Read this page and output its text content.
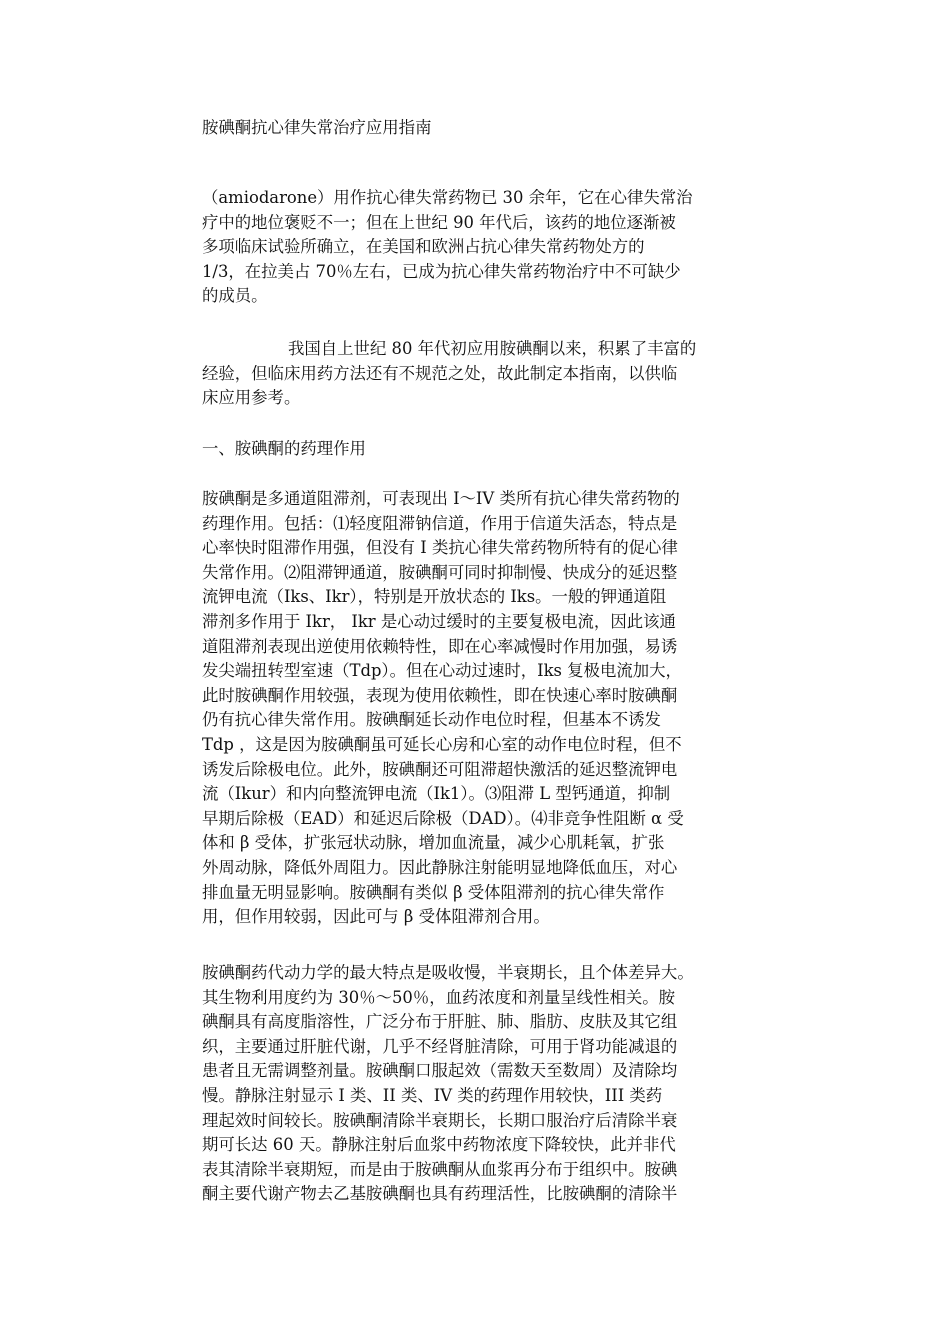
胺碘酮抗心律失常治疗应用指南
（amiodarone）用作抗心律失常药物已 30 余年，它在心律失常治
疗中的地位褒贬不一；但在上世纪 90 年代后，该药的地位逐渐被
多项临床试验所确立，在美国和欧洲占抗心律失常药物处方的
1/3，在拉美占 70％左右，已成为抗心律失常药物治疗中不可缺少
的成员。
我国自上世纪 80 年代初应用胺碘酮以来，积累了丰富的
经验，但临床用药方法还有不规范之处，故此制定本指南，以供临
床应用参考。
一、胺碘酮的药理作用
胺碘酮是多通道阻滞剂，可表现出 I～IV 类所有抗心律失常药物的
药理作用。包括：⑴轻度阻滞钠信道，作用于信道失活态，特点是
心率快时阻滞作用强，但没有 I 类抗心律失常药物所特有的促心律
失常作用。⑵阻滞钾通道，胺碘酮可同时抑制慢、快成分的延迟整
流钾电流（Iks、Ikr），特别是开放状态的 Iks。一般的钾通道阻
滞剂多作用于 Ikr， Ikr 是心动过缓时的主要复极电流，因此该通
道阻滞剂表现出逆使用依赖特性，即在心率减慢时作用加强，易诱
发尖端扭转型室速（Tdp）。但在心动过速时，Iks 复极电流加大，
此时胺碘酮作用较强，表现为使用依赖性，即在快速心率时胺碘酮
仍有抗心律失常作用。胺碘酮延长动作电位时程，但基本不诱发
Tdp ，这是因为胺碘酮虽可延长心房和心室的动作电位时程，但不
诱发后除极电位。此外，胺碘酮还可阻滞超快激活的延迟整流钾电
流（Ikur）和内向整流钾电流（Ik1）。⑶阻滞 L 型钙通道，抑制
早期后除极（EAD）和延迟后除极（DAD）。⑷非竞争性阻断 α 受
体和 β 受体，扩张冠状动脉，增加血流量，减少心肌耗氧，扩张
外周动脉，降低外周阻力。因此静脉注射能明显地降低血压，对心
排血量无明显影响。胺碘酮有类似 β 受体阻滞剂的抗心律失常作
用，但作用较弱，因此可与 β 受体阻滞剂合用。
胺碘酮药代动力学的最大特点是吸收慢，半衰期长，且个体差异大。
其生物利用度约为 30％～50％，血药浓度和剂量呈线性相关。胺
碘酮具有高度脂溶性，广泛分布于肝脏、肺、脂肪、皮肤及其它组
织，主要通过肝脏代谢，几乎不经肾脏清除，可用于肾功能减退的
患者且无需调整剂量。胺碘酮口服起效（需数天至数周）及清除均
慢。静脉注射显示 I 类、II 类、IV 类的药理作用较快，III 类药
理起效时间较长。胺碘酮清除半衰期长，长期口服治疗后清除半衰
期可长达 60 天。静脉注射后血浆中药物浓度下降较快，此并非代
表其清除半衰期短，而是由于胺碘酮从血浆再分布于组织中。胺碘
酮主要代谢产物去乙基胺碘酮也具有药理活性，比胺碘酮的清除半
